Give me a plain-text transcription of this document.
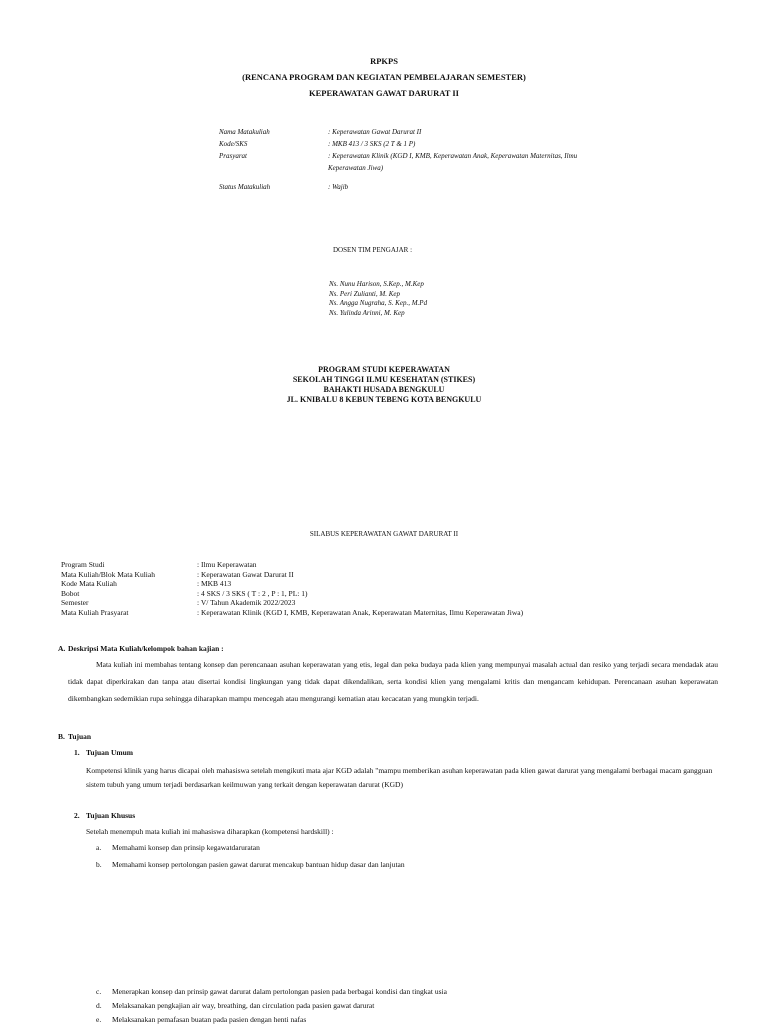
RPKPS
(RENCANA PROGRAM DAN KEGIATAN PEMBELAJARAN SEMESTER)
KEPERAWATAN GAWAT DARURAT II
Nama Matakuliah	: Keperawatan Gawat Darurat II
Kode/SKS	: MKB 413 / 3 SKS (2 T & 1 P)
Prasyarat	: Keperawatan Klinik (KGD I, KMB, Keperawatan Anak, Keperawatan Maternitas, Ilmu
Keperawatan Jiwa)
Status Matakuliah	: Wajib
DOSEN TIM PENGAJAR :
Ns. Nunu Harison, S.Kep., M.Kep
Ns. Peri Zulianti, M. Kep
Ns. Angga Nugraha, S. Kep., M.Pd
Ns. Yulinda Arinni, M. Kep
PROGRAM STUDI KEPERAWATAN
SEKOLAH TINGGI ILMU KESEHATAN (STIKES)
BAHAKTI HUSADA BENGKULU
JL. KNIBALU 8 KEBUN TEBENG KOTA BENGKULU
SILABUS KEPERAWATAN GAWAT DARURAT II
Program Studi	: Ilmu Keperawatan
Mata Kuliah/Blok Mata Kuliah	: Keperawatan Gawat Darurat II
Kode Mata Kuliah	: MKB 413
Bobot	: 4 SKS / 3 SKS ( T : 2 , P : 1, PL: 1)
Semester	: V/ Tahun Akademik 2022/2023
Mata Kuliah Prasyarat	: Keperawatan Klinik (KGD I, KMB, Keperawatan Anak, Keperawatan Maternitas, Ilmu Keperawatan Jiwa)
A. Deskripsi Mata Kuliah/kelompok bahan kajian :
Mata kuliah ini membahas tentang konsep dan perencanaan asuhan keperawatan yang etis, legal dan peka budaya pada klien yang mempunyai masalah actual dan resiko yang terjadi secara mendadak atau tidak dapat diperkirakan dan tanpa atau disertai kondisi lingkungan yang tidak dapat dikendalikan, serta kondisi klien yang mengalami kritis dan mengancam kehidupan. Perencanaan asuhan keperawatan dikembangkan sedemikian rupa sehingga diharapkan mampu mencegah atau mengurangi kematian atau kecacatan yang mungkin terjadi.
B. Tujuan
1. Tujuan Umum
Kompetensi klinik yang harus dicapai oleh mahasiswa setelah mengikuti mata ajar KGD adalah "mampu memberikan asuhan keperawatan pada klien gawat darurat yang mengalami berbagai macam gangguan sistem tubuh yang umum terjadi berdasarkan keilmuwan yang terkait dengan keperawatan darurat (KGD)
2. Tujuan Khusus
Setelah menempuh mata kuliah ini mahasiswa diharapkan (kompetensi hardskill) :
a.	Memahami konsep dan prinsip kegawatdaruratan
b.	Memahami konsep pertolongan pasien gawat darurat mencakup bantuan hidup dasar dan lanjutan
c.	Menerapkan konsep dan prinsip gawat darurat dalam pertolongan pasien pada berbagai kondisi dan tingkat usia
d.	Melaksanakan pengkajian air way, breathing, dan circulation pada pasien gawat darurat
e.	Melaksanakan pemafasan buatan pada pasien dengan henti nafas
